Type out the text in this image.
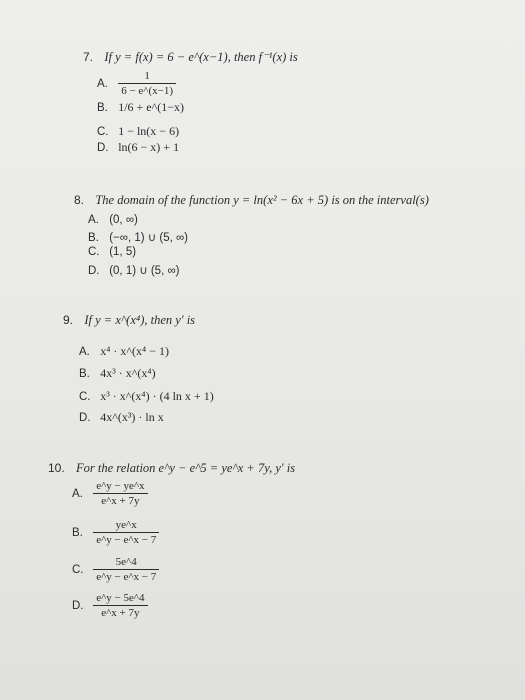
7. If y = f(x) = 6 − e^(x−1), then f⁻¹(x) is
A. $\frac{1}{6 - e\^{}(x-1)}$
B. 1/6 + e^(1−x)
C. 1 − ln(x − 6)
D. ln(6 − x) + 1
8. The domain of the function y = ln(x² − 6x + 5) is on the interval(s)
A. (0, ∞)
B. (−∞, 1) ∪ (5, ∞)
C. (1, 5)
D. (0, 1) ∪ (5, ∞)
9. If y = x^(x⁴), then y′ is
A. x⁴ · x^(x⁴ − 1)
B. 4x³ · x^(x⁴)
C. x³ · x^(x⁴) · (4 ln x + 1)
D. 4x^(x³) · ln x
10. For the relation e^y − e^5 = ye^x + 7y, y′ is
A. $\frac{e\^{}y - ye\^{}x}{e\^{}x + 7y}$
B. $\frac{ye\^{}x}{e\^{}y - e\^{}x - 7}$
C. $\frac{5e\^{}4}{e\^{}y - e\^{}x - 7}$
D. $\frac{e\^{}y - 5e\^{}4}{e\^{}x + 7y}$
